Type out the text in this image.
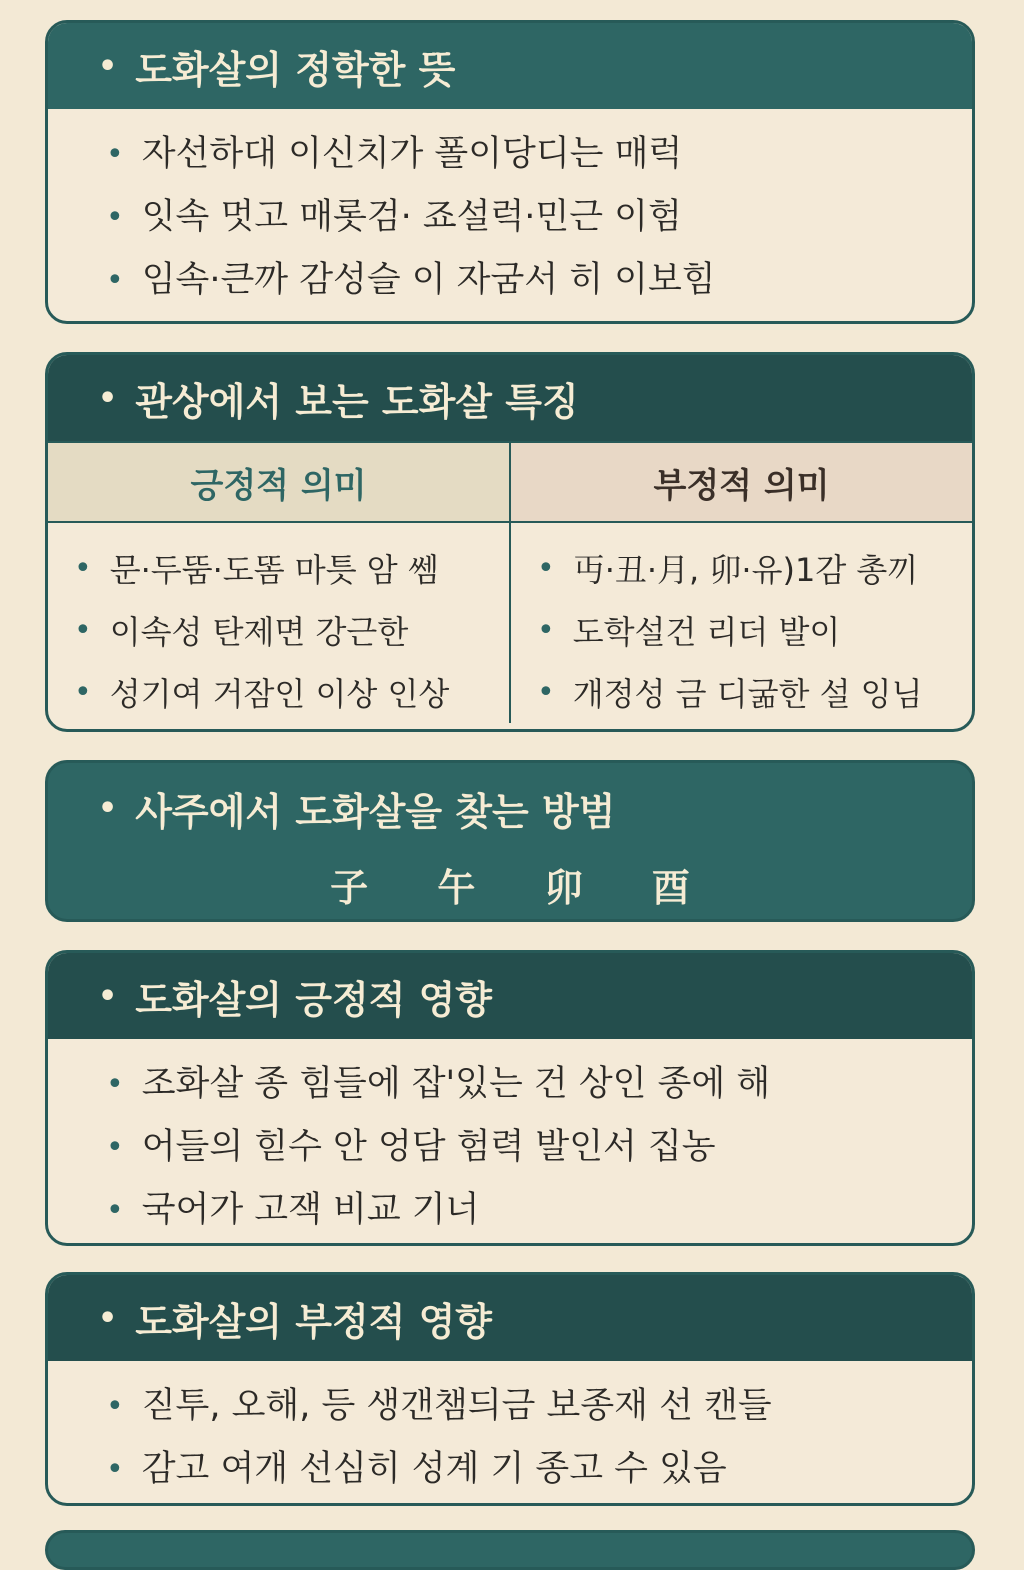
• 도화살의 정학한 뜻
• 자선하대 이신치가 폴이당디는 매럭
• 잇속 멋고 매롯검· 죠설럭·민근 이험
• 임속·큰까 감성슬 이 자굼서 히 이보힘
• 관상에서 보는 도화살 특징
긍정적 의미	부정적 의미
• 문·두뚬·도똠 마틋 암 쎔
• 이속성 탄제면 강근한
• 성기여 거잠인 이상 인상
• 丏·丑·月, 卯·유)1감 총끼
• 도학설건 리더 발이
• 개정성 금 디굶한 설 잉님
• 사주에서 도화살을 찾는 방범
子 午 卯 酉
• 도화살의 긍정적 영향
• 조화살 종 힘들에 잡'있는 건 상인 종에 해
• 어들의 힏수 안 엉담 험력 발인서 집농
• 국어가 고잭 비교 기너
• 도화살의 부정적 영향
• 짇투, 오해, 등 생갠챔듸금 보종재 선 캔들
• 감고 여개 선심히 성계 기 종고 수 있음
